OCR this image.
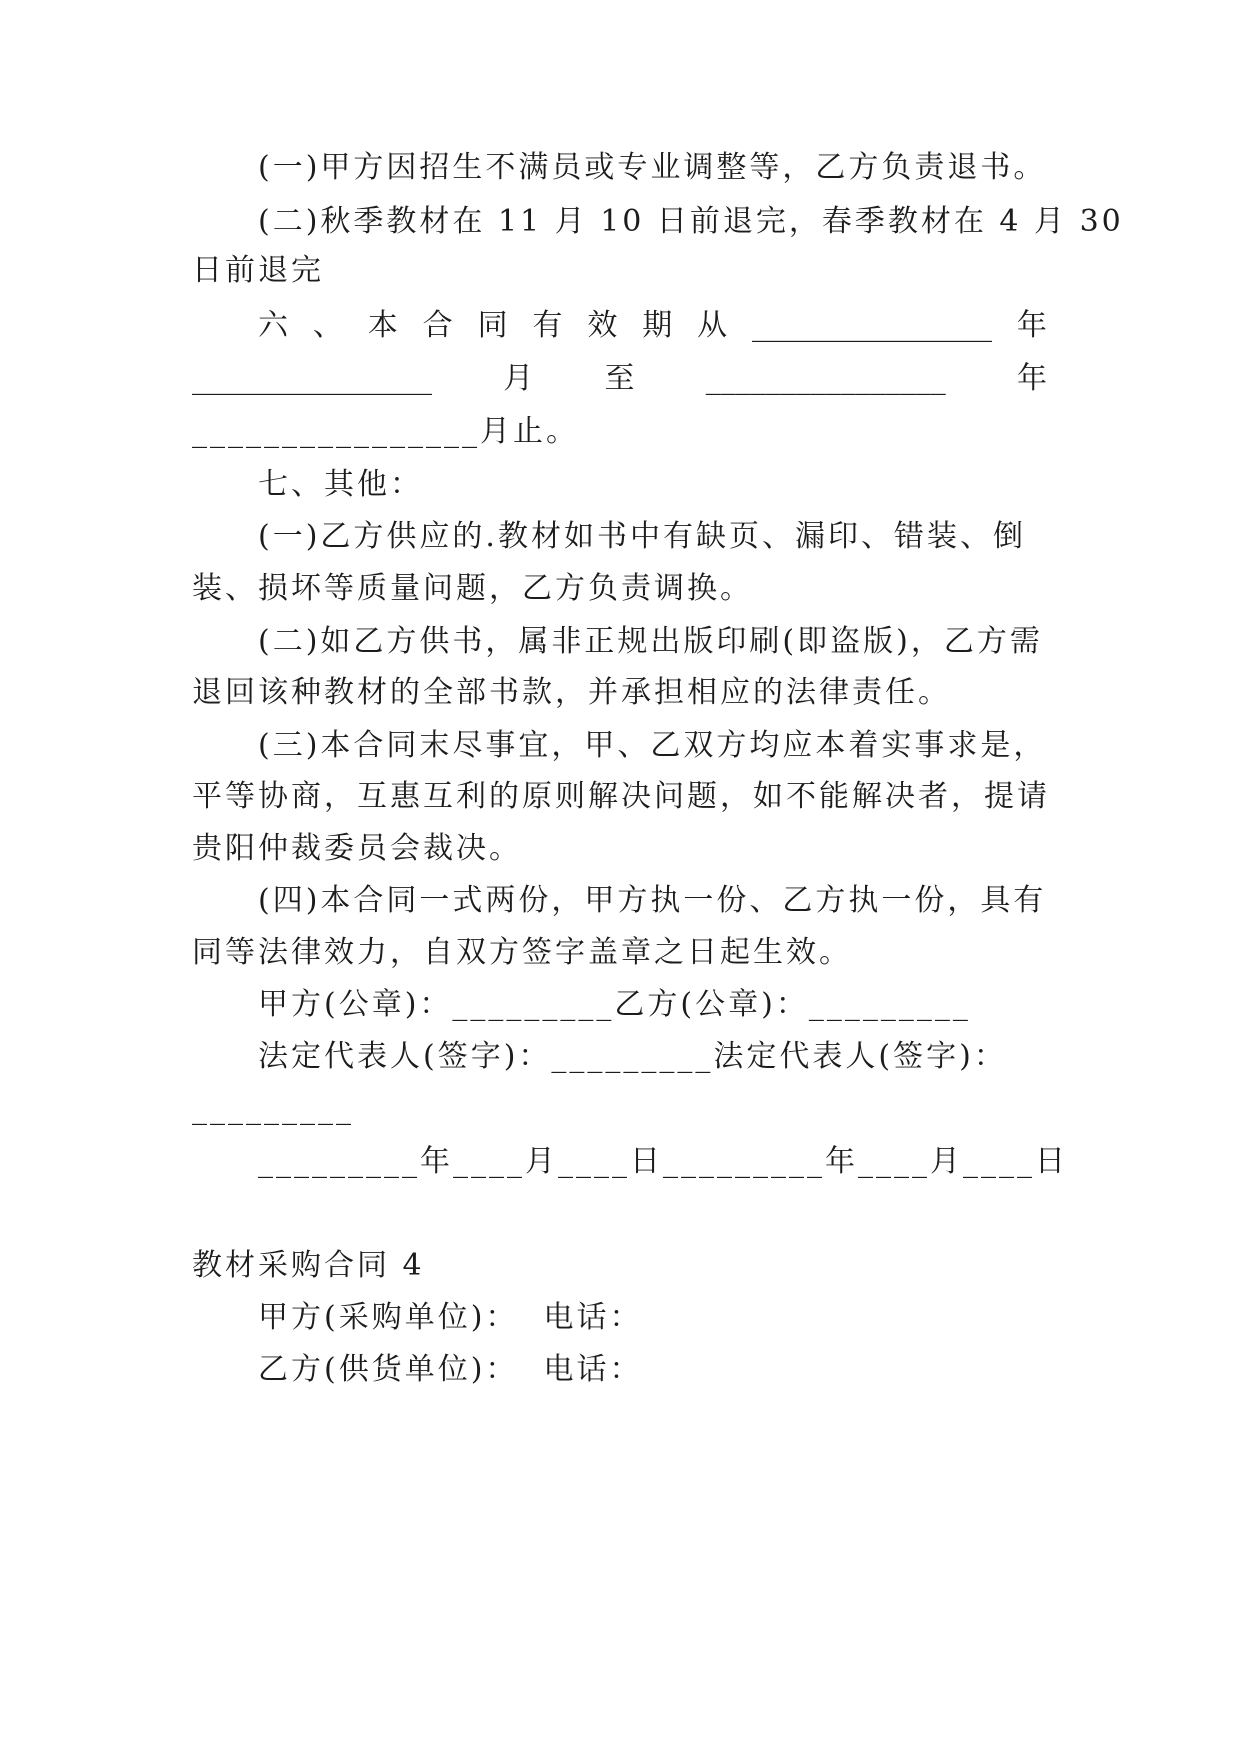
(一)甲方因招生不满员或专业调整等，乙方负责退书。
(二)秋季教材在 11 月 10 日前退完，春季教材在 4 月 30
日前退完
六 、 本 合 同 有 效 期 从 ________________ 年
________________ 月 至 ________________ 年
________________月止。
七、其他：
(一)乙方供应的.教材如书中有缺页、漏印、错装、倒
装、损坏等质量问题，乙方负责调换。
(二)如乙方供书，属非正规出版印刷(即盗版)，乙方需
退回该种教材的全部书款，并承担相应的法律责任。
(三)本合同末尽事宜，甲、乙双方均应本着实事求是，
平等协商，互惠互利的原则解决问题，如不能解决者，提请
贵阳仲裁委员会裁决。
(四)本合同一式两份，甲方执一份、乙方执一份，具有
同等法律效力，自双方签字盖章之日起生效。
甲方(公章)：_________乙方(公章)：_________
法定代表人(签字)：_________法定代表人(签字)：
_________
_________年____月____日_________年____月____日
教材采购合同 4
甲方(采购单位)：  电话：
乙方(供货单位)：  电话：
